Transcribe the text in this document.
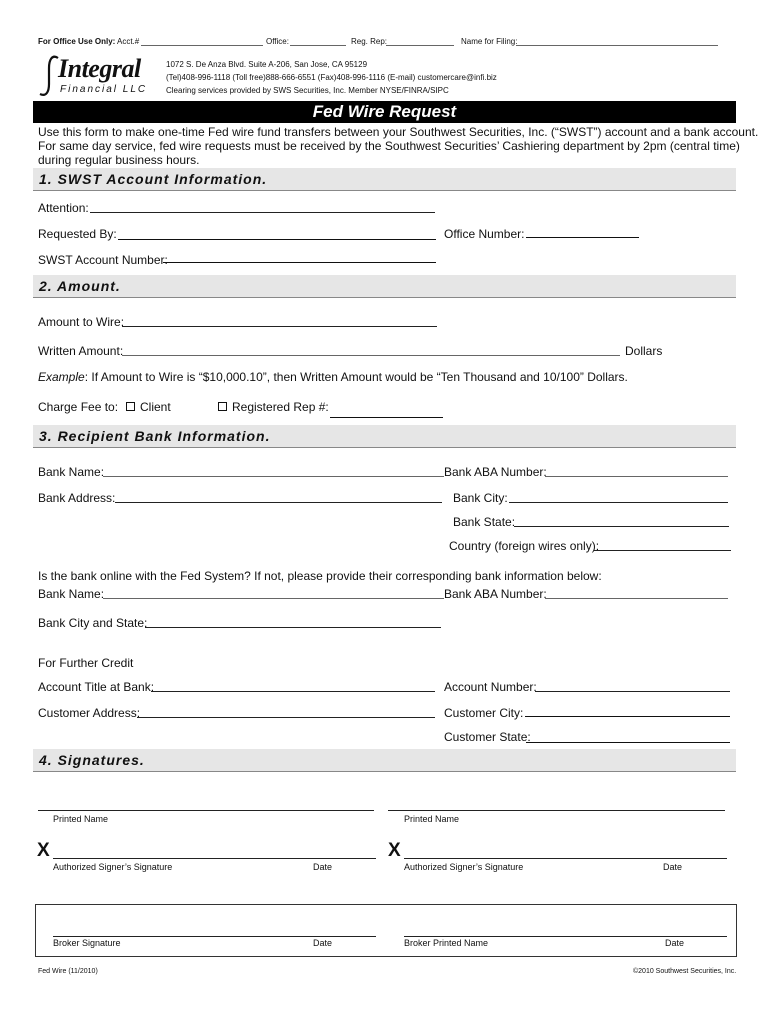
For Office Use Only: Acct.#	Office:	Reg. Rep:	Name for Filing:
Integral
Financial LLC
1072 S. De Anza Blvd. Suite A-206, San Jose, CA 95129
(Tel)408-996-1118 (Toll free)888-666-6551 (Fax)408-996-1116 (E-mail) customercare@infi.biz
Clearing services provided by SWS Securities, Inc. Member NYSE/FINRA/SIPC
Fed Wire Request
Use this form to make one-time Fed wire fund transfers between your Southwest Securities, Inc. (“SWST”) account and a bank account.
For same day service, fed wire requests must be received by the Southwest Securities’ Cashiering department by 2pm (central time)
during regular business hours.
1. SWST Account Information.
Attention:
Requested By:	Office Number:
SWST Account Number:
2. Amount.
Amount to Wire:
Written Amount:	Dollars
Example: If Amount to Wire is “$10,000.10”, then Written Amount would be “Ten Thousand and 10/100” Dollars.
Charge Fee to:	Client	Registered Rep #:
3. Recipient Bank Information.
Bank Name:	Bank ABA Number:
Bank Address:	Bank City:
Bank State:
Country (foreign wires only):
Is the bank online with the Fed System? If not, please provide their corresponding bank information below:
Bank Name:	Bank ABA Number:
Bank City and State:
For Further Credit
Account Title at Bank:	Account Number:
Customer Address:	Customer City:
Customer State:
4. Signatures.
Printed Name	Printed Name
X
Authorized Signer’s Signature	Date
X
Authorized Signer’s Signature	Date
Broker Signature	Date	Broker Printed Name	Date
Fed Wire (11/2010)	©2010 Southwest Securities, Inc.
